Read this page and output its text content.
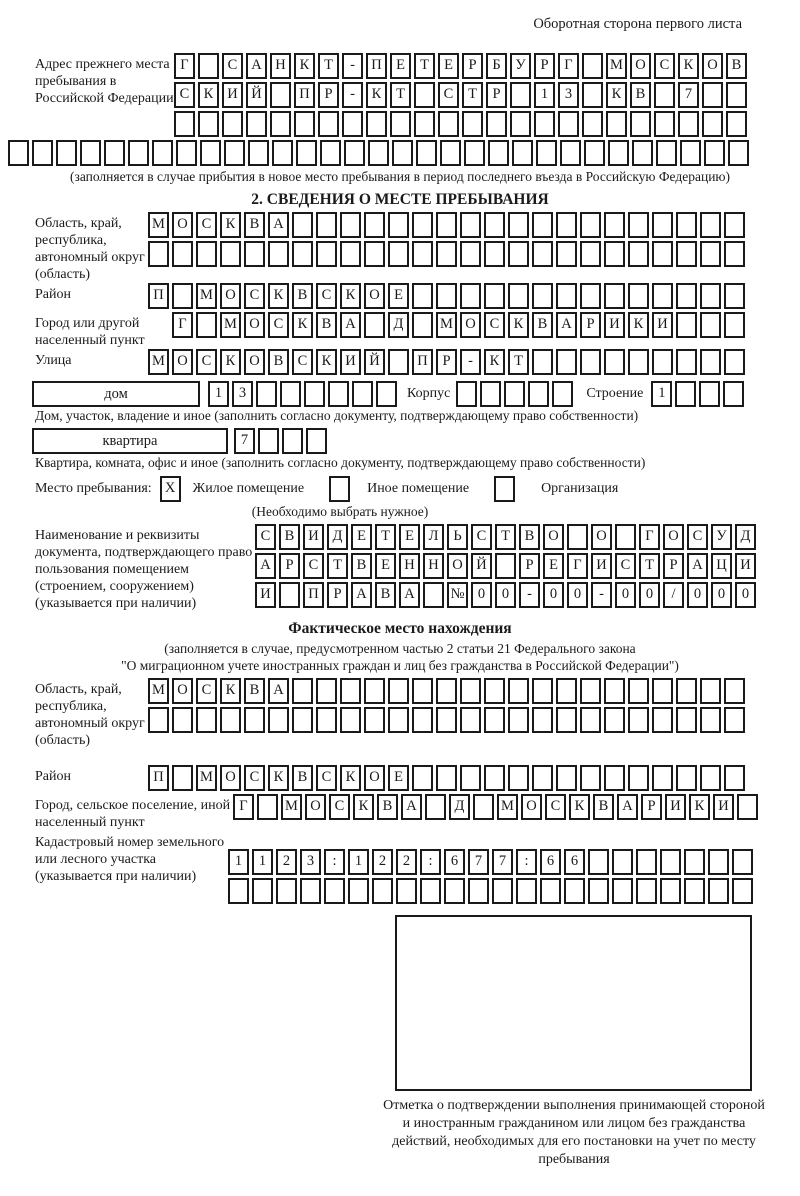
Оборотная сторона первого листа
Адрес прежнего места пребывания в Российской Федерации
Г	С А Н К Т - П Е Т Е Р Б У Р Г	М О С К О В
С К И Й	П Р - К Т	С Т Р	1 3	К В	7
(заполняется в случае прибытия в новое место пребывания в период последнего въезда в Российскую Федерацию)
2. СВЕДЕНИЯ О МЕСТЕ ПРЕБЫВАНИЯ
Область, край, республика, автономный округ (область)
М О С К В А
Район	П	М О С К В С К О Е
Город или другой населенный пункт
Г	М О С К В А	Д	М О С К В А Р И К И
Улица	М О С К О В С К И Й	П Р - К Т
дом	1 3	Корпус	Строение	1
Дом, участок, владение и иное (заполнить согласно документу, подтверждающему право собственности)
квартира	7
Квартира, комната, офис и иное (заполнить согласно документу, подтверждающему право собственности)
Место пребывания: X	Жилое помещение	Иное помещение	Организация
(Необходимо выбрать нужное)
Наименование и реквизиты документа, подтверждающего право пользования помещением (строением, сооружением) (указывается при наличии)
С В И Д Е Т Е Л Ь С Т В О	О	Г О С У Д
А Р С Т В Е Н Н О Й	Р Е Г И С Т Р А Ц И
И	П Р А В А № 0 0 - 0 0 - 0 0 / 0 0 0
Фактическое место нахождения
(заполняется в случае, предусмотренном частью 2 статьи 21 Федерального закона
"О миграционном учете иностранных граждан и лиц без гражданства в Российской Федерации")
Область, край, республика, автономный округ (область)
М О С К В А
Район	П	М О С К В С К О Е
Город, сельское поселение, иной населенный пункт
Г	М О С К В А	Д	М О С К В А Р И К И
Кадастровый номер земельного или лесного участка (указывается при наличии)
1 1 2 3 : 1 2 2 : 6 7 7 : 6 6
Отметка о подтверждении выполнения принимающей стороной и иностранным гражданином или лицом без гражданства действий, необходимых для его постановки на учет по месту пребывания
